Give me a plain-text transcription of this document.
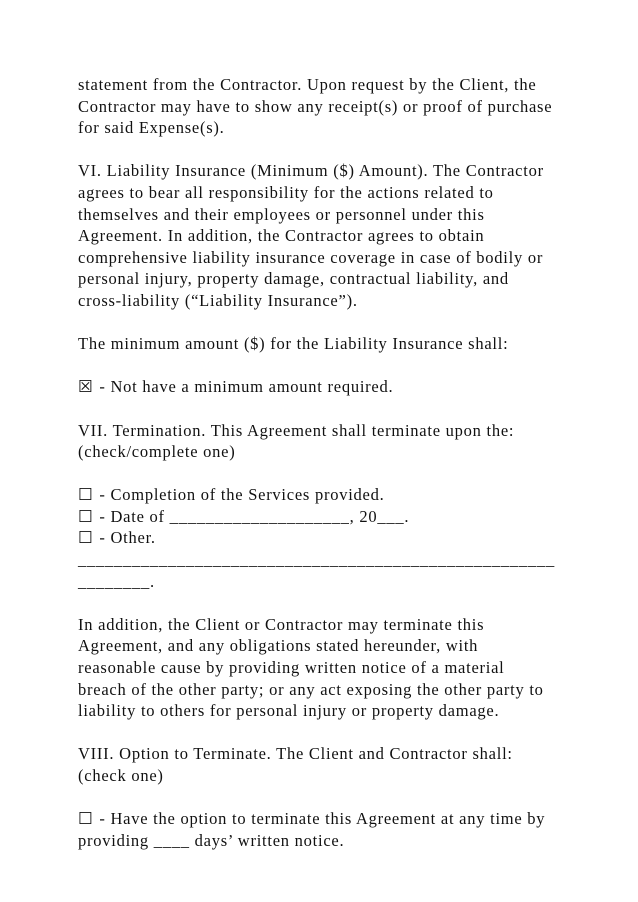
statement from the Contractor. Upon request by the Client, the
Contractor may have to show any receipt(s) or proof of purchase
for said Expense(s).
VI. Liability Insurance (Minimum ($) Amount). The Contractor
agrees to bear all responsibility for the actions related to
themselves and their employees or personnel under this
Agreement. In addition, the Contractor agrees to obtain
comprehensive liability insurance coverage in case of bodily or
personal injury, property damage, contractual liability, and
cross-liability (“Liability Insurance”).
The minimum amount ($) for the Liability Insurance shall:
☒ - Not have a minimum amount required.
VII. Termination. This Agreement shall terminate upon the:
(check/complete one)
☐ - Completion of the Services provided.
☐ - Date of ____________________, 20___.
☐ - Other.
_____________________________________________________
________.
In addition, the Client or Contractor may terminate this
Agreement, and any obligations stated hereunder, with
reasonable cause by providing written notice of a material
breach of the other party; or any act exposing the other party to
liability to others for personal injury or property damage.
VIII. Option to Terminate. The Client and Contractor shall:
(check one)
☐ - Have the option to terminate this Agreement at any time by
providing ____ days’ written notice.
